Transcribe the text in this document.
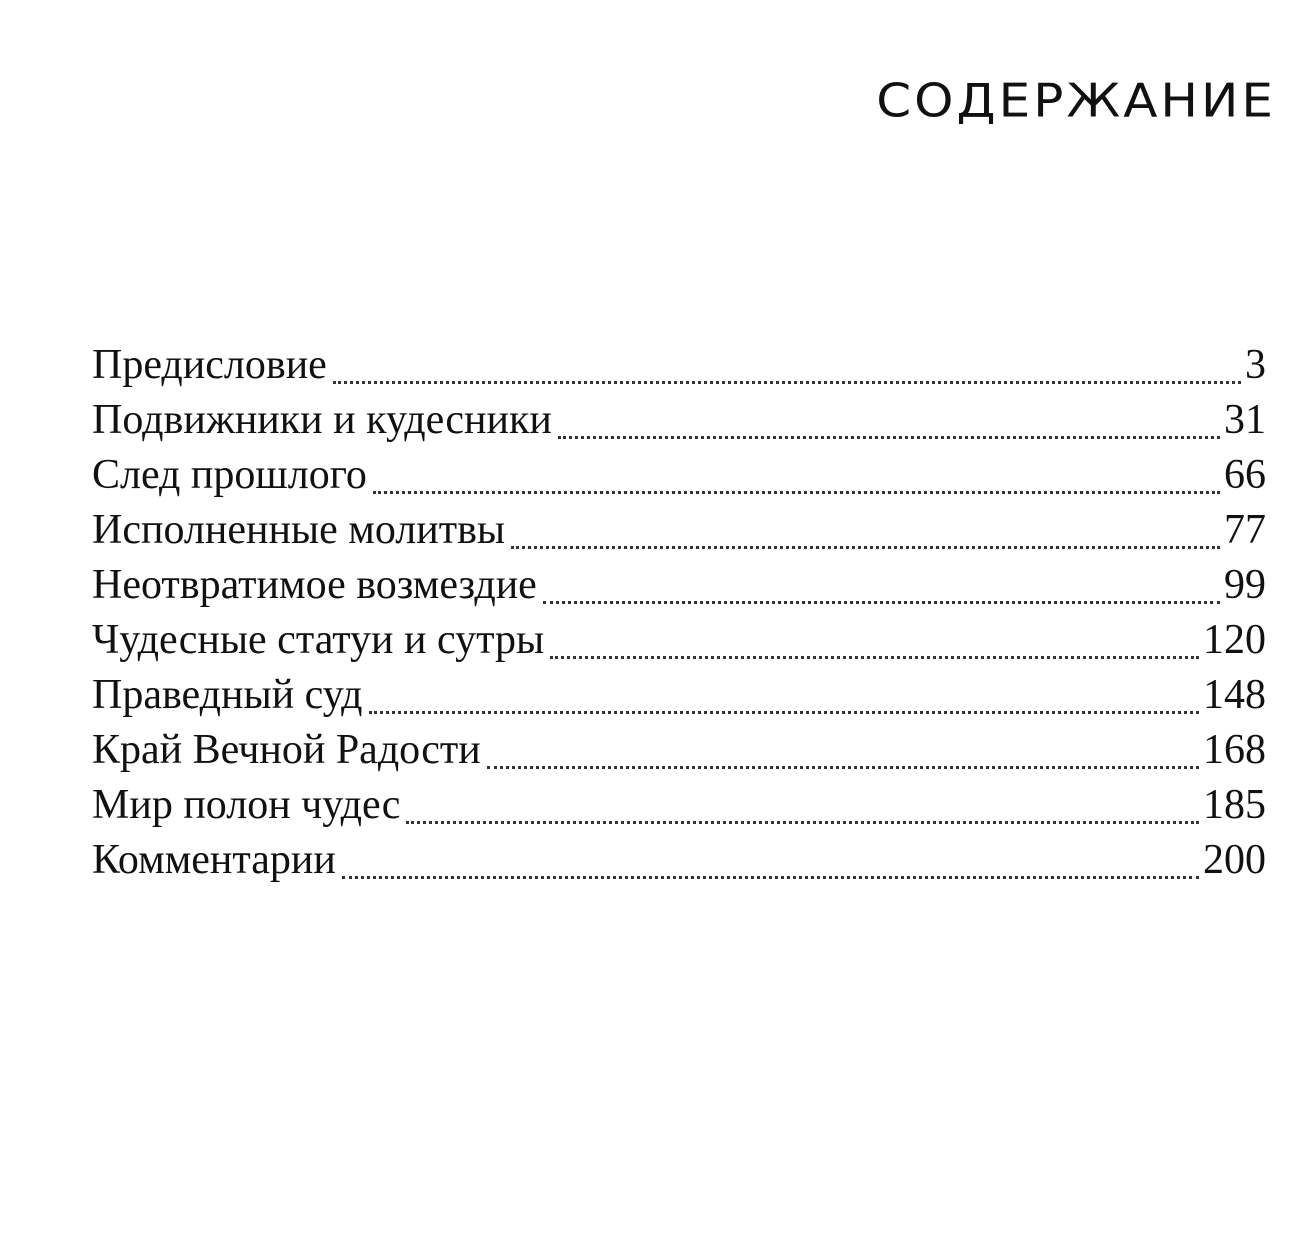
СОДЕРЖАНИЕ
Предисловие	3
Подвижники и кудесники	31
След прошлого	66
Исполненные молитвы	77
Неотвратимое возмездие	99
Чудесные статуи и сутры	120
Праведный суд	148
Край Вечной Радости	168
Мир полон чудес	185
Комментарии	200
